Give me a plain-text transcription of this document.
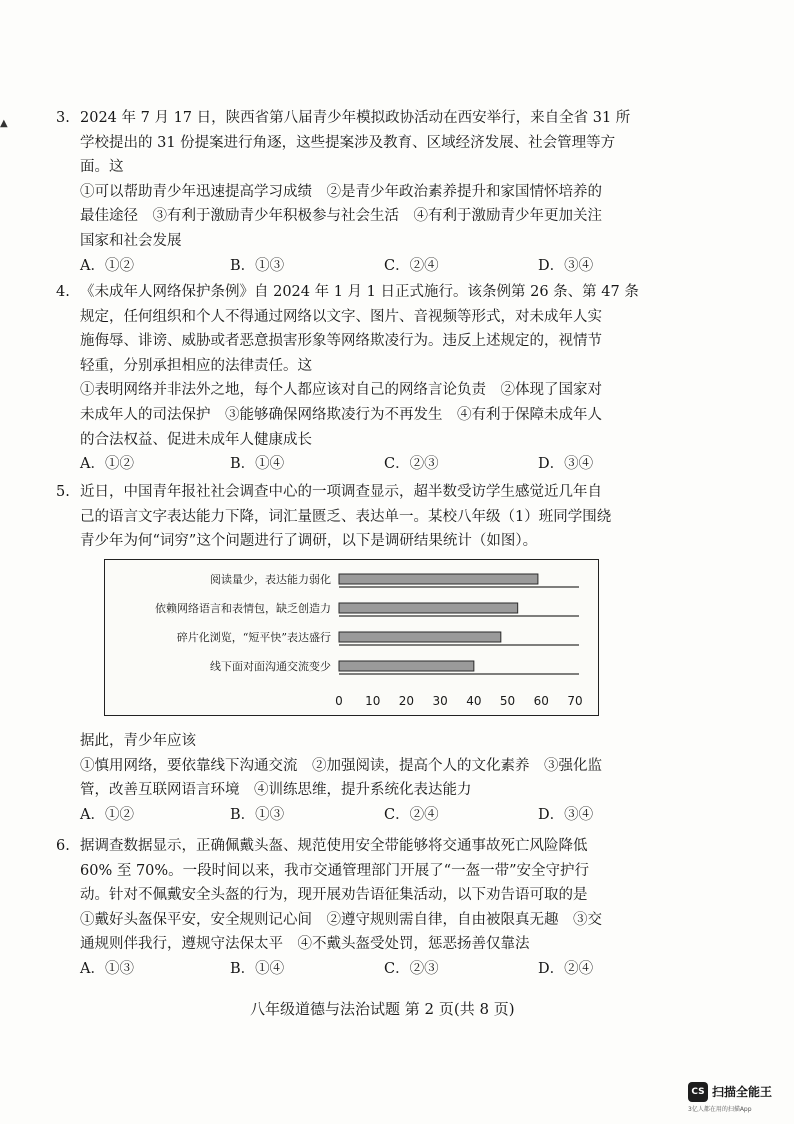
▲	3. 2024 年 7 月 17 日，陕西省第八届青少年模拟政协活动在西安举行，来自全省 31 所
学校提出的 31 份提案进行角逐，这些提案涉及教育、区域经济发展、社会管理等方
面。这
①可以帮助青少年迅速提高学习成绩　②是青少年政治素养提升和家国情怀培养的
最佳途径　③有利于激励青少年积极参与社会生活　④有利于激励青少年更加关注
国家和社会发展
A．①②	B．①③	C．②④	D．③④
4. 《未成年人网络保护条例》自 2024 年 1 月 1 日正式施行。该条例第 26 条、第 47 条
规定，任何组织和个人不得通过网络以文字、图片、音视频等形式，对未成年人实
施侮辱、诽谤、威胁或者恶意损害形象等网络欺凌行为。违反上述规定的，视情节
轻重，分别承担相应的法律责任。这
①表明网络并非法外之地，每个人都应该对自己的网络言论负责　②体现了国家对
未成年人的司法保护　③能够确保网络欺凌行为不再发生　④有利于保障未成年人
的合法权益、促进未成年人健康成长
A．①②	B．①④	C．②③	D．③④
5. 近日，中国青年报社社会调查中心的一项调查显示，超半数受访学生感觉近几年自
己的语言文字表达能力下降，词汇量匮乏、表达单一。某校八年级（1）班同学围绕
青少年为何“词穷”这个问题进行了调研，以下是调研结果统计（如图）。
阅读量少，表达能力弱化
依赖网络语言和表情包，缺乏创造力
碎片化浏览，“短平快”表达盛行
线下面对面沟通交流变少
0 10 20 30 40 50 60 70
据此，青少年应该
①慎用网络，要依靠线下沟通交流　②加强阅读，提高个人的文化素养　③强化监
管，改善互联网语言环境　④训练思维，提升系统化表达能力
A．①②	B．①③	C．②④	D．③④
6. 据调查数据显示，正确佩戴头盔、规范使用安全带能够将交通事故死亡风险降低
60% 至 70%。一段时间以来，我市交通管理部门开展了“一盔一带”安全守护行
动。针对不佩戴安全头盔的行为，现开展劝告语征集活动，以下劝告语可取的是
①戴好头盔保平安，安全规则记心间　②遵守规则需自律，自由被限真无趣　③交
通规则伴我行，遵规守法保太平　④不戴头盔受处罚，惩恶扬善仅靠法
A．①③	B．①④	C．②③	D．②④
八年级道德与法治试题 第 2 页(共 8 页)
CS 扫描全能王
3亿人都在用的扫描App
